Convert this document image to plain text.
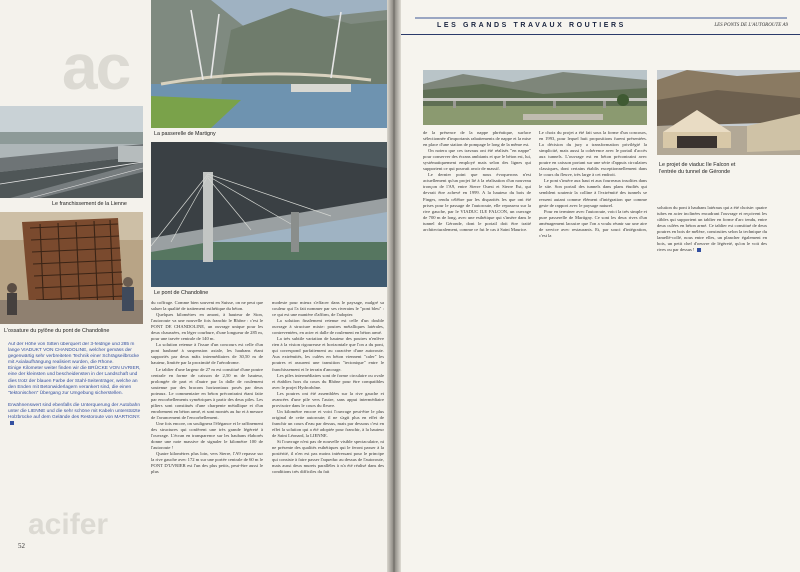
ac
Le franchissement de la Lienne
L'ossature du pylône du pont de Chandoline
La passerelle de Martigny
Le pont de Chandoline

Auf der Höhe von Sitten überquert der 3-feldrige und 285 m lange VIADUKT VON CHANDOLINE, welcher gemäss der gegenwärtig sehr verbreiteten Technik einer Schrägseilbrücke mit Axialaufhängung realisiert wurden, die Rhone.
Einige Kilometer weiter finden wir die BRÜCKE VON UVRIER, eine der kleinsten und bescheidensten in der Landschaft und dies trotz der blauen Farbe der Stahl-Seitenträger, welche an den Enden mit Betonwiderlagern verankert sind, die einen "tektonischen" Übergang zur Umgebung sicherstellen.

Erwähnenswert sind ebenfalls die Unterquerung der Autobahn unter die LIENNE und die sehr schöne mit Kabeln unterstützte Holzbrücke auf dem Gelände des Restoroute von MARTIGNY.

du coffrage. Comme bien souvent en Suisse, on ne peut que saluer la qualité de traitement esthétique du béton.

Quelques kilomètres en amont, à hauteur de Sion, l'autoroute va une nouvelle fois franchir le Rhône : c'est le PONT DE CHANDOLINE, un ouvrage unique pour les deux chaussées, en léger courbure, d'une longueur de 285 m, pour une travée centrale de 140 m.

La solution retenue à l'issue d'un concours est celle d'un pont haubané à suspension axiale, les haubans étant supportés par deux mâts intermédiaires de 30,50 m de hauteur, limitée par la proximité de l'aérodrome.

Le tablier d'une largeur de 27 m est constitué d'une poutre centrale en forme de caisson de 2,50 m de hauteur, prolongée de part et d'autre par la dalle de roulement soutenue par des bracons horizontaux posés par deux poteaux. Le commentaire en béton précontraint étant faite par encorbellements symétriques à partir des deux piles. Les piliers sont constitués d'une charpente métallique et d'un enrobement en béton armé, et sont montés au fur et à mesure de l'avancement de l'encorbellement.

Une fois encore, on soulignera l'élégance et le raffinement des structures qui confèrent une très grande légèreté à l'ouvrage. L'écran en transparence sur les haubans élaborés donne une note massive de signaler le kilomètre 100 de l'autoroute !

Quatre kilomètres plus loin, vers Sierre, l'A9 repasse sur la rive gauche avec 172 m sur une portée centrale de 60 m le PONT D'UVRIER est l'un des plus petits, peut-être aussi le plus

modeste pour mieux s'effacer dans le paysage, malgré sa couleur qui l'a fait nommer par ses riverains le "pont bleu" : ce qui est une manière d'affirm, de l'adopter.

La solution finalement retenue est celle d'un double ouvrage à structure mixte: poutres métalliques latérales, contreventées, en acier et dalle de roulement en béton armé.

La très subtile variation de hauteur des poutres n'enlève rien à la vision rigoureuse et horizontale que l'on a du pont, qui correspond parfaitement au caractère d'une autoroute. Aux extrémités, les culées en béton viennent "caler" les poutres et assurent une transition "tectonique" entre le franchissement et le terrain d'ancrage.

Les piles intermédiaires sont de forme circulaire ou ovale et établies hors du cours du Rhône pour être compatibles avec le projet Hydrorhône.

Les poutres ont été assemblées sur la rive gauche et avancées d'une pile vers l'autre, sans appui intermédiaire provisoire dans le cours du fleuve.

Un kilomètre encore et voici l'ouvrage peut-être le plus original de cette autoroute; il ne s'agit plus en effet de franchir un cours d'eau par dessus, mais par dessous c'est en effet la solution qui a été adoptée pour franchir, à la hauteur de Saint Léonard, la LIENNE.

Si l'ouvrage n'est pas de nouvelle visible spectaculaire, ni ne présente des qualités esthétiques qui le feront passer à la postérité, il n'en est pas moins intéressant pour le principe qui consiste à faire passer l'aqueduc au dessus de l'autoroute, mais aussi deux murets parallèles à n'a été réalisé dans des conditions très difficiles du fait

acifer
52
LES GRANDS TRAVAUX ROUTIERS	LES PONTS DE L'AUTOROUTE A9
Le projet de viaduc Ile Falcon et l'entrée du tunnel de Géronde

de la présence de la nappe phréatique, surface sélectionnée d'importants rabattements de nappe et la mise en place d'une station de pompage le long de la même est.

On notera que ces travaux ont été réalisés "en nappe" pour conserver des écrans ambiants et que le béton est, lui, systématiquement employé mais selon des lignes qui supportent ce qui pouvait avoir de massif.

Le dernier point que nous évoquerons n'est actuellement qu'un projet lié à la réalisation d'un nouveau tronçon de l'A9, entre Sierre Ouest et Sierre Est, qui devrait être achevé en 1999. A la hauteur du bois de Finges, rendu célèbre par les disparités les que ont été prises pour le passage de l'autoroute, elle repassera sur la rive gauche, par le VIADUC ILE FALCON, un ouvrage de 700 m de long, avec une esthétique qui s'insère dans le tunnel de Géronde, dont le portail doit être traité architecturalement, comme ce fut le cas à Saint Maurice.

Le choix du projet a été fait sous la forme d'un concours, en 1993, pour lequel huit propositions furent présentées. La décision du jury a transformation privilégié la simplicité, mais aussi la cohérence avec le portail d'accès aux tunnels. L'ouvrage est en béton précontraint avec poutre en caisson portant sur une série d'appuis circulaires classiques, dont certains établis exceptionnellement dans le cours du fleuve, très large à cet endroit.

Le pont s'insère aux haut et aux fourreaux insolites dans le site. Son portail des tunnels dans plans étudiés qui semblent soutenir la colline à l'extrémité des tunnels se ressent autant comme élément d'intégration que comme geste de rapport avec le paysage naturel.

Pour en terminer avec l'autoroute, voici la très simple et pure passerelle de Martigny. Ce sont les deux rives d'un aménagement lacustre que l'on a voulu réunir sur une aire de service avec restaurants. Et, par souci d'intégration, c'est la

solution du pont à haubans latéraux qui a été choisie: quatre tubes en acier inclinées encadrant l'ouvrage et reçoivent les câbles qui supportent un tablier en forme d'arc tendu, entre deux culées en béton armé. Ce tablier est constitué de deux poutres en bois de mélèze, construites selon la technique du lamellé-collé, nous entre elles, un plancher également en bois, un petit chef d'oeuvre de légèreté, qu'on le voit des rives ou par dessus !
